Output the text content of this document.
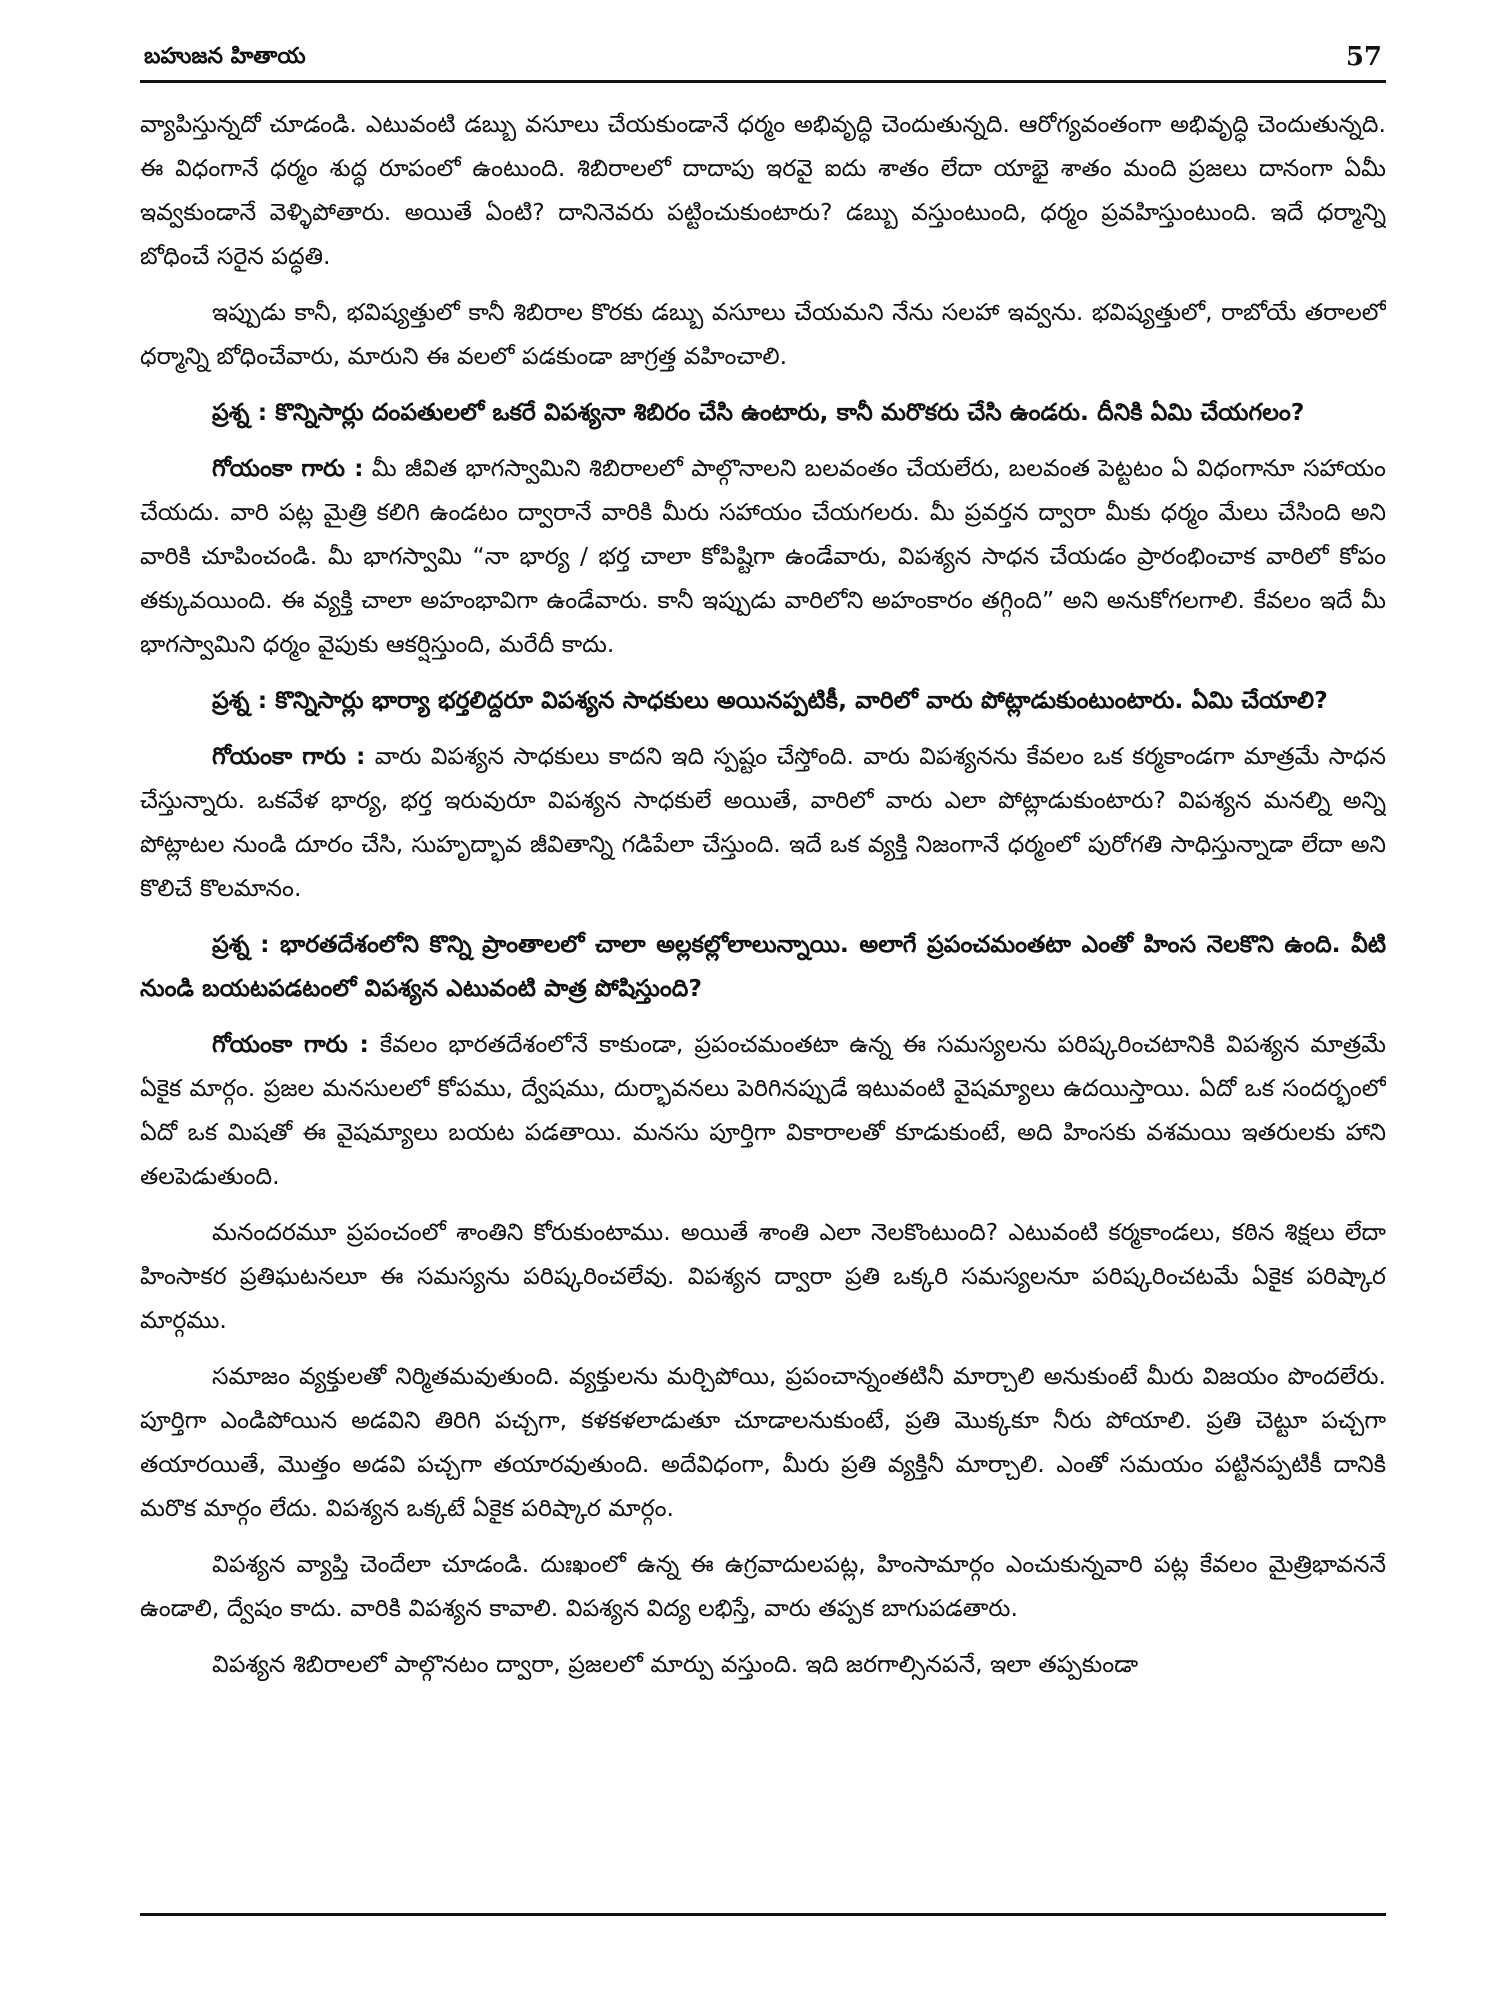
బహుజన హితాయ	57

వ్యాపిస్తున్నదో చూడండి. ఎటువంటి డబ్బు వసూలు చేయకుండానే ధర్మం అభివృద్ధి చెందుతున్నది. ఆరోగ్యవంతంగా అభివృద్ధి చెందుతున్నది. ఈ విధంగానే ధర్మం శుద్ధ రూపంలో ఉంటుంది. శిబిరాలలో దాదాపు ఇరవై ఐదు శాతం లేదా యాభై శాతం మంది ప్రజలు దానంగా ఏమీ ఇవ్వకుండానే వెళ్ళిపోతారు. అయితే ఏంటి? దానినెవరు పట్టించుకుంటారు? డబ్బు వస్తుంటుంది, ధర్మం ప్రవహిస్తుంటుంది. ఇదే ధర్మాన్ని బోధించే సరైన పద్ధతి.

ఇప్పుడు కానీ, భవిష్యత్తులో కానీ శిబిరాల కొరకు డబ్బు వసూలు చేయమని నేను సలహా ఇవ్వను. భవిష్యత్తులో, రాబోయే తరాలలో ధర్మాన్ని బోధించేవారు, మారుని ఈ వలలో పడకుండా జాగ్రత్త వహించాలి.

ప్రశ్న : కొన్నిసార్లు దంపతులలో ఒకరే విపశ్యనా శిబిరం చేసి ఉంటారు, కానీ మరొకరు చేసి ఉండరు. దీనికి ఏమి చేయగలం?

గోయంకా గారు : మీ జీవిత భాగస్వామిని శిబిరాలలో పాల్గొనాలని బలవంతం చేయలేరు, బలవంత పెట్టటం ఏ విధంగానూ సహాయం చేయదు. వారి పట్ల మైత్రి కలిగి ఉండటం ద్వారానే వారికి మీరు సహాయం చేయగలరు. మీ ప్రవర్తన ద్వారా మీకు ధర్మం మేలు చేసింది అని వారికి చూపించండి. మీ భాగస్వామి “నా భార్య / భర్త చాలా కోపిష్టిగా ఉండేవారు, విపశ్యన సాధన చేయడం ప్రారంభించాక వారిలో కోపం తక్కువయింది. ఈ వ్యక్తి చాలా అహంభావిగా ఉండేవారు. కానీ ఇప్పుడు వారిలోని అహంకారం తగ్గింది” అని అనుకోగలగాలి. కేవలం ఇదే మీ భాగస్వామిని ధర్మం వైపుకు ఆకర్షిస్తుంది, మరేదీ కాదు.

ప్రశ్న : కొన్నిసార్లు భార్యా భర్తలిద్దరూ విపశ్యన సాధకులు అయినప్పటికీ, వారిలో వారు పోట్లాడుకుంటుంటారు. ఏమి చేయాలి?

గోయంకా గారు : వారు విపశ్యన సాధకులు కాదని ఇది స్పష్టం చేస్తోంది. వారు విపశ్యనను కేవలం ఒక కర్మకాండగా మాత్రమే సాధన చేస్తున్నారు. ఒకవేళ భార్య, భర్త ఇరువురూ విపశ్యన సాధకులే అయితే, వారిలో వారు ఎలా పోట్లాడుకుంటారు? విపశ్యన మనల్ని అన్ని పోట్లాటల నుండి దూరం చేసి, సుహృద్భావ జీవితాన్ని గడిపేలా చేస్తుంది. ఇదే ఒక వ్యక్తి నిజంగానే ధర్మంలో పురోగతి సాధిస్తున్నాడా లేదా అని కొలిచే కొలమానం.

ప్రశ్న : భారతదేశంలోని కొన్ని ప్రాంతాలలో చాలా అల్లకల్లోలాలున్నాయి. అలాగే ప్రపంచమంతటా ఎంతో హింస నెలకొని ఉంది. వీటి నుండి బయటపడటంలో విపశ్యన ఎటువంటి పాత్ర పోషిస్తుంది?

గోయంకా గారు : కేవలం భారతదేశంలోనే కాకుండా, ప్రపంచమంతటా ఉన్న ఈ సమస్యలను పరిష్కరించటానికి విపశ్యన మాత్రమే ఏకైక మార్గం. ప్రజల మనసులలో కోపము, ద్వేషము, దుర్భావనలు పెరిగినప్పుడే ఇటువంటి వైషమ్యాలు ఉదయిస్తాయి. ఏదో ఒక సందర్భంలో ఏదో ఒక మిషతో ఈ వైషమ్యాలు బయట పడతాయి. మనసు పూర్తిగా వికారాలతో కూడుకుంటే, అది హింసకు వశమయి ఇతరులకు హాని తలపెడుతుంది.

మనందరమూ ప్రపంచంలో శాంతిని కోరుకుంటాము. అయితే శాంతి ఎలా నెలకొంటుంది? ఎటువంటి కర్మకాండలు, కఠిన శిక్షలు లేదా హింసాకర ప్రతిఘటనలూ ఈ సమస్యను పరిష్కరించలేవు. విపశ్యన ద్వారా ప్రతి ఒక్కరి సమస్యలనూ పరిష్కరించటమే ఏకైక పరిష్కార మార్గము.

సమాజం వ్యక్తులతో నిర్మితమవుతుంది. వ్యక్తులను మర్చిపోయి, ప్రపంచాన్నంతటినీ మార్చాలి అనుకుంటే మీరు విజయం పొందలేరు. పూర్తిగా ఎండిపోయిన అడవిని తిరిగి పచ్చగా, కళకళలాడుతూ చూడాలనుకుంటే, ప్రతి మొక్కకూ నీరు పోయాలి. ప్రతి చెట్టూ పచ్చగా తయారయితే, మొత్తం అడవి పచ్చగా తయారవుతుంది. అదేవిధంగా, మీరు ప్రతి వ్యక్తినీ మార్చాలి. ఎంతో సమయం పట్టినప్పటికీ దానికి మరొక మార్గం లేదు. విపశ్యన ఒక్కటే ఏకైక పరిష్కార మార్గం.

విపశ్యన వ్యాప్తి చెందేలా చూడండి. దుఃఖంలో ఉన్న ఈ ఉగ్రవాదులపట్ల, హింసామార్గం ఎంచుకున్నవారి పట్ల కేవలం మైత్రిభావననే ఉండాలి, ద్వేషం కాదు. వారికి విపశ్యన కావాలి. విపశ్యన విద్య లభిస్తే, వారు తప్పక బాగుపడతారు.

విపశ్యన శిబిరాలలో పాల్గొనటం ద్వారా, ప్రజలలో మార్పు వస్తుంది. ఇది జరగాల్సినపనే, ఇలా తప్పకుండా
